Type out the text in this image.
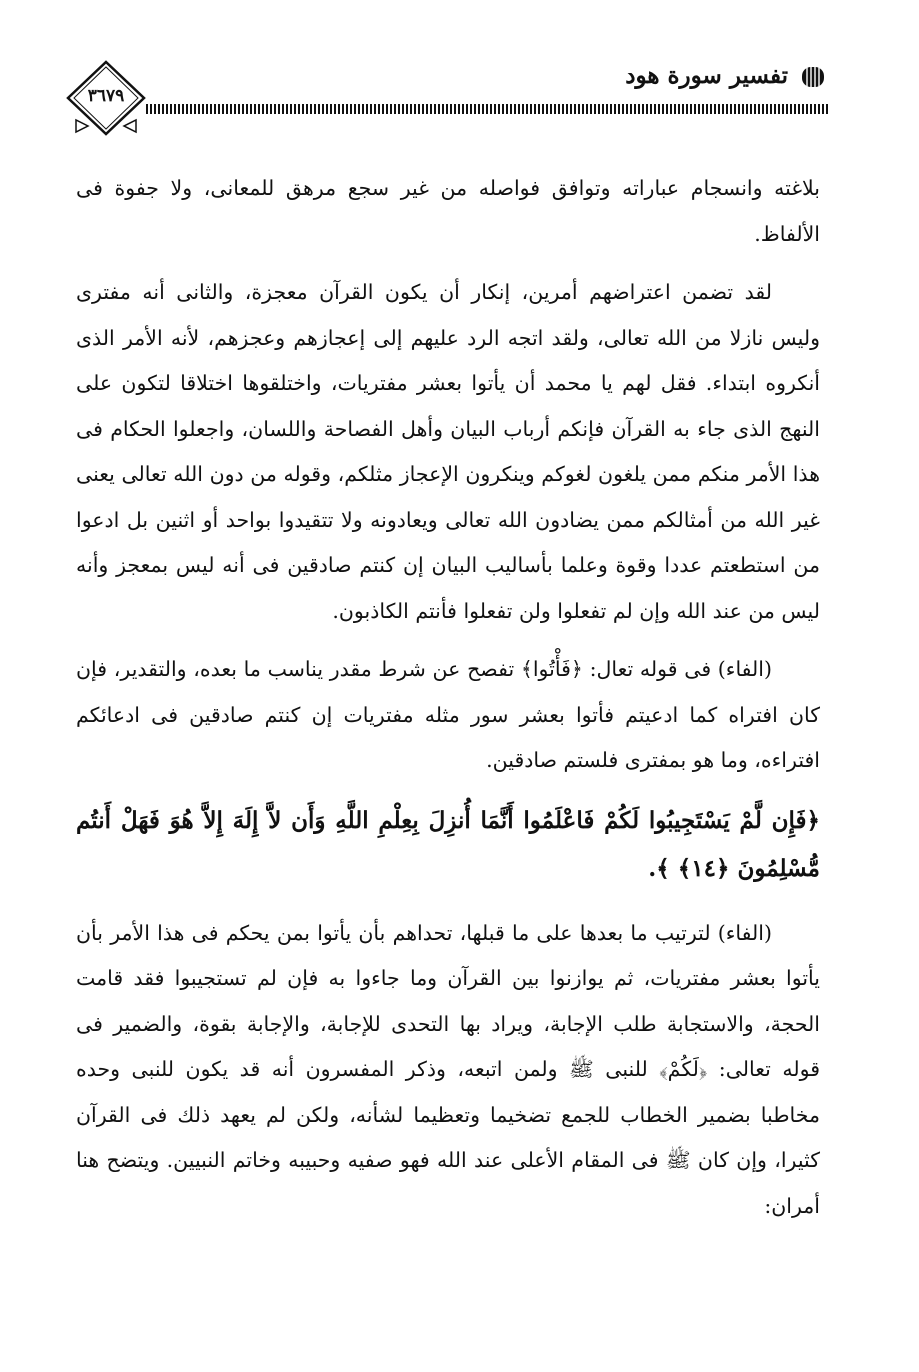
تفسير سورة هود
٣٦٧٩

بلاغته وانسجام عباراته وتوافق فواصله من غير سجع مرهق للمعانى، ولا جفوة فى الألفاظ.

لقد تضمن اعتراضهم أمرين، إنكار أن يكون القرآن معجزة، والثانى أنه مفترى وليس نازلا من الله تعالى، ولقد اتجه الرد عليهم إلى إعجازهم وعجزهم، لأنه الأمر الذى أنكروه ابتداء. فقل لهم يا محمد أن يأتوا بعشر مفتريات، واختلقوها اختلاقا لتكون على النهج الذى جاء به القرآن فإنكم أرباب البيان وأهل الفصاحة واللسان، واجعلوا الحكام فى هذا الأمر منكم ممن يلغون لغوكم وينكرون الإعجاز مثلكم، وقوله من دون الله تعالى يعنى غير الله من أمثالكم ممن يضادون الله تعالى ويعادونه ولا تتقيدوا بواحد أو اثنين بل ادعوا من استطعتم عددا وقوة وعلما بأساليب البيان إن كنتم صادقين فى أنه ليس بمعجز وأنه ليس من عند الله وإن لم تفعلوا ولن تفعلوا فأنتم الكاذبون.

(الفاء) فى قوله تعال: ﴿فَأْتُوا﴾ تفصح عن شرط مقدر يناسب ما بعده، والتقدير، فإن كان افتراه كما ادعيتم فأتوا بعشر سور مثله مفتريات إن كنتم صادقين فى ادعائكم افتراءه، وما هو بمفترى فلستم صادقين.

﴿فَإِن لَّمْ يَسْتَجِيبُوا لَكُمْ فَاعْلَمُوا أَنَّمَا أُنزِلَ بِعِلْمِ اللَّهِ وَأَن لاَّ إِلَهَ إِلاَّ هُوَ فَهَلْ أَنتُم مُّسْلِمُونَ ﴿١٤﴾ ﴾.

(الفاء) لترتيب ما بعدها على ما قبلها، تحداهم بأن يأتوا بمن يحكم فى هذا الأمر بأن يأتوا بعشر مفتريات، ثم يوازنوا بين القرآن وما جاءوا به فإن لم تستجيبوا فقد قامت الحجة، والاستجابة طلب الإجابة، ويراد بها التحدى للإجابة، والإجابة بقوة، والضمير فى قوله تعالى: ﴿لَكُمْ﴾ للنبى ﷺ ولمن اتبعه، وذكر المفسرون أنه قد يكون للنبى وحده مخاطبا بضمير الخطاب للجمع تضخيما وتعظيما لشأنه، ولكن لم يعهد ذلك فى القرآن كثيرا، وإن كان ﷺ فى المقام الأعلى عند الله فهو صفيه وحبيبه وخاتم النبيين. ويتضح هنا أمران:
